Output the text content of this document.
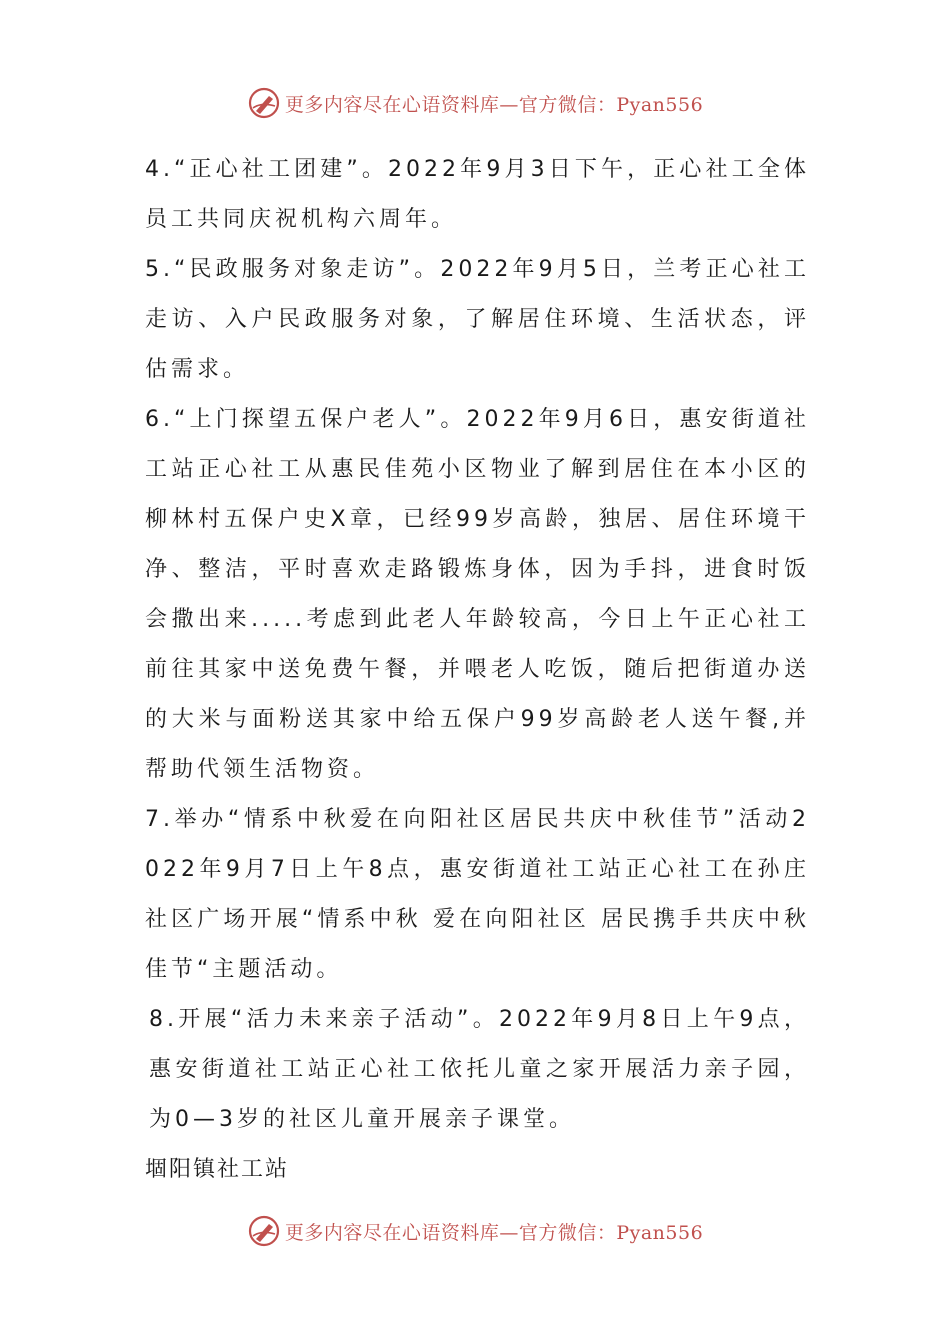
更多内容尽在心语资料库—官方微信：Pyan556

4.“正心社工团建”。2022年9月3日下午，正心社工全体员工共同庆祝机构六周年。

5.“民政服务对象走访”。2022年9月5日，兰考正心社工走访、入户民政服务对象，了解居住环境、生活状态，评估需求。

6.“上门探望五保户老人”。2022年9月6日，惠安街道社工站正心社工从惠民佳苑小区物业了解到居住在本小区的柳林村五保户史X章，已经99岁高龄，独居、居住环境干净、整洁，平时喜欢走路锻炼身体，因为手抖，进食时饭会撒出来.....考虑到此老人年龄较高，今日上午正心社工前往其家中送免费午餐，并喂老人吃饭，随后把街道办送的大米与面粉送其家中给五保户99岁高龄老人送午餐,并帮助代领生活物资。

7.举办“情系中秋爱在向阳社区居民共庆中秋佳节”活动2022年9月7日上午8点，惠安街道社工站正心社工在孙庄社区广场开展“情系中秋 爱在向阳社区 居民携手共庆中秋佳节“主题活动。

8.开展“活力未来亲子活动”。2022年9月8日上午9点，惠安街道社工站正心社工依托儿童之家开展活力亲子园，为0—3岁的社区儿童开展亲子课堂。

堌阳镇社工站

更多内容尽在心语资料库—官方微信：Pyan556
